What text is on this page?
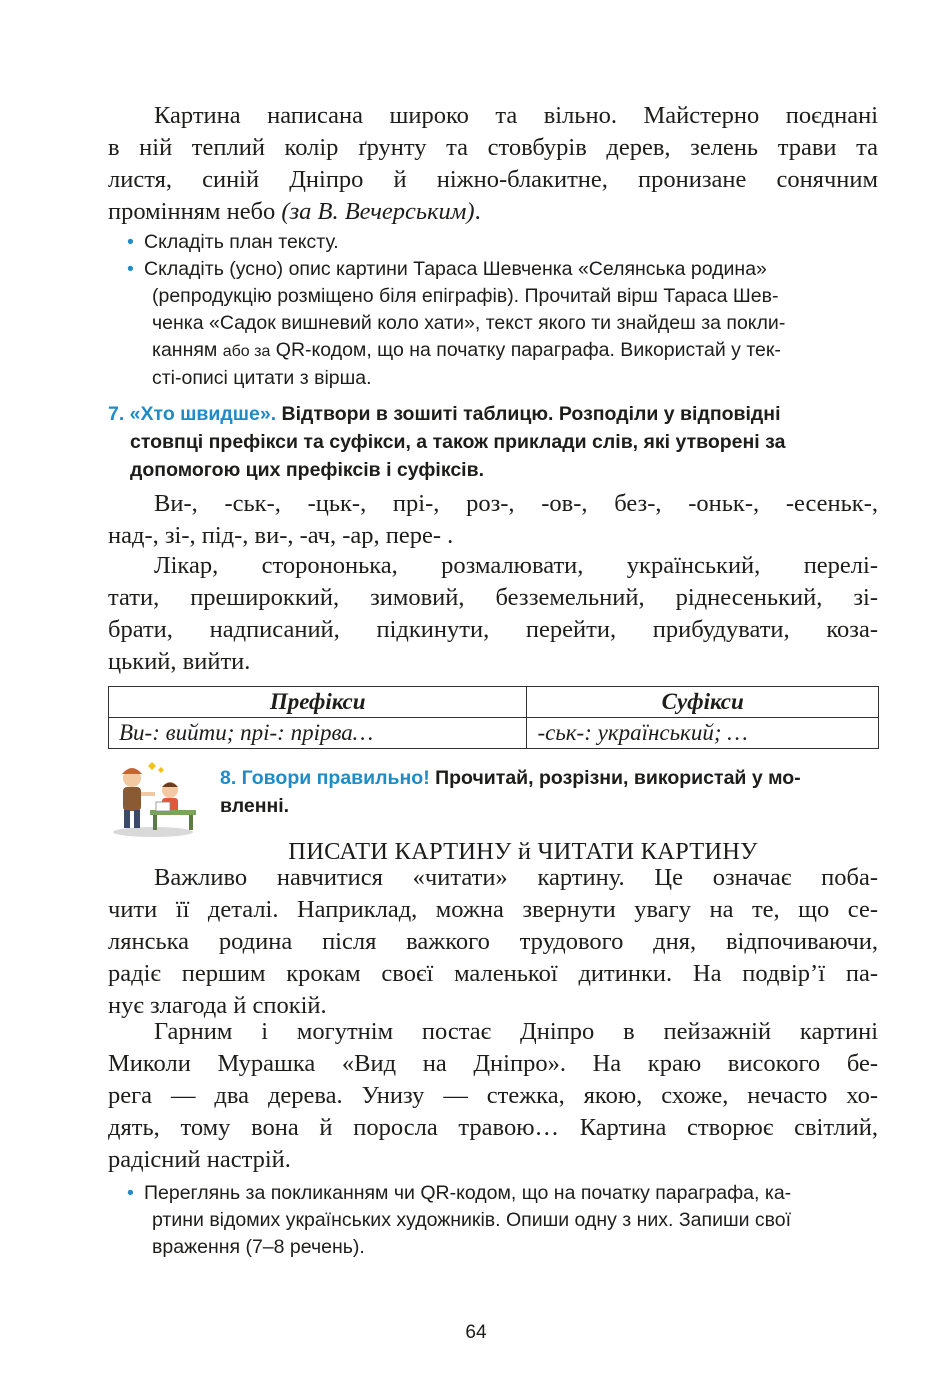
Картина написана широко та вільно. Майстерно поєднані
в ній теплий колір ґрунту та стовбурів дерев, зелень трави та
листя, синій Дніпро й ніжно-блакитне, пронизане сонячним
промінням небо (за В. Вечерським).
• Складіть план тексту.
• Складіть (усно) опис картини Тараса Шевченка «Селянська родина»
(репродукцію розміщено біля епіграфів). Прочитай вірш Тараса Шев-
ченка «Садок вишневий коло хати», текст якого ти знайдеш за покли-
канням або за QR-кодом, що на початку параграфа. Використай у тек-
сті-описі цитати з вірша.
7. «Хто швидше». Відтвори в зошиті таблицю. Розподіли у відповідні
стовпці префікси та суфікси, а також приклади слів, які утворені за
допомогою цих префіксів і суфіксів.
Ви-, -ськ-, -цьк-, прі-, роз-, -ов-, без-, -оньк-, -есеньк-,
над-, зі-, під-, ви-, -ач, -ар, пере- .
Лікар, сторононька, розмалювати, український, перелі-
тати, прешироккий, зимовий, безземельний, ріднесенький, зі-
брати, надписаний, підкинути, перейти, прибудувати, коза-
цький, вийти.
Префікси	Суфікси
Ви-: вийти; прі-: прірва…	-ськ-: український; …
8. Говори правильно! Прочитай, розрізни, використай у мо-
вленні.
ПИСАТИ КАРТИНУ й ЧИТАТИ КАРТИНУ
Важливо навчитися «читати» картину. Це означає поба-
чити її деталі. Наприклад, можна звернути увагу на те, що се-
лянська родина після важкого трудового дня, відпочиваючи,
радіє першим крокам своєї маленької дитинки. На подвір’ї па-
нує злагода й спокій.
Гарним і могутнім постає Дніпро в пейзажній картині
Миколи Мурашка «Вид на Дніпро». На краю високого бе-
рега — два дерева. Унизу — стежка, якою, схоже, нечасто хо-
дять, тому вона й поросла травою… Картина створює світлий,
радісний настрій.
• Переглянь за покликанням чи QR-кодом, що на початку параграфа, ка-
ртини відомих українських художників. Опиши одну з них. Запиши свої
враження (7–8 речень).
64
